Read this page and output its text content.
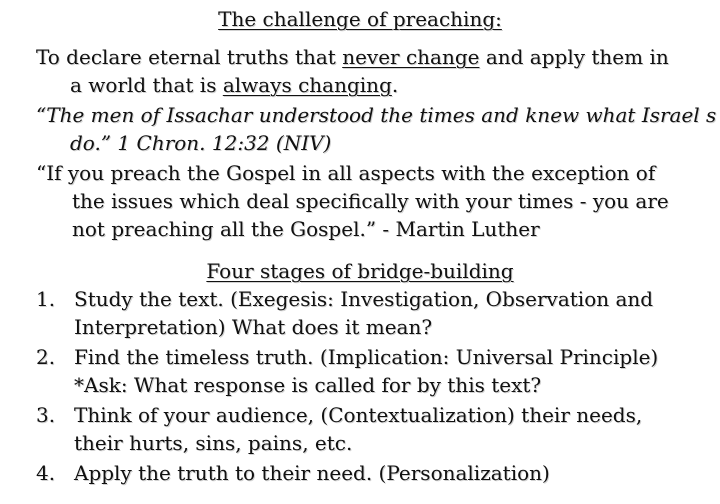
The challenge of preaching:
To declare eternal truths that never change and apply them in
a world that is always changing.
“The men of Issachar understood the times and knew what Israel s
do.” 1 Chron. 12:32 (NIV)
“If you preach the Gospel in all aspects with the exception of
the issues which deal specifically with your times - you are
not preaching all the Gospel.” - Martin Luther
Four stages of bridge-building
1. Study the text. (Exegesis: Investigation, Observation and
Interpretation) What does it mean?
2. Find the timeless truth. (Implication: Universal Principle)
*Ask: What response is called for by this text?
3. Think of your audience, (Contextualization) their needs,
their hurts, sins, pains, etc.
4. Apply the truth to their need. (Personalization)
